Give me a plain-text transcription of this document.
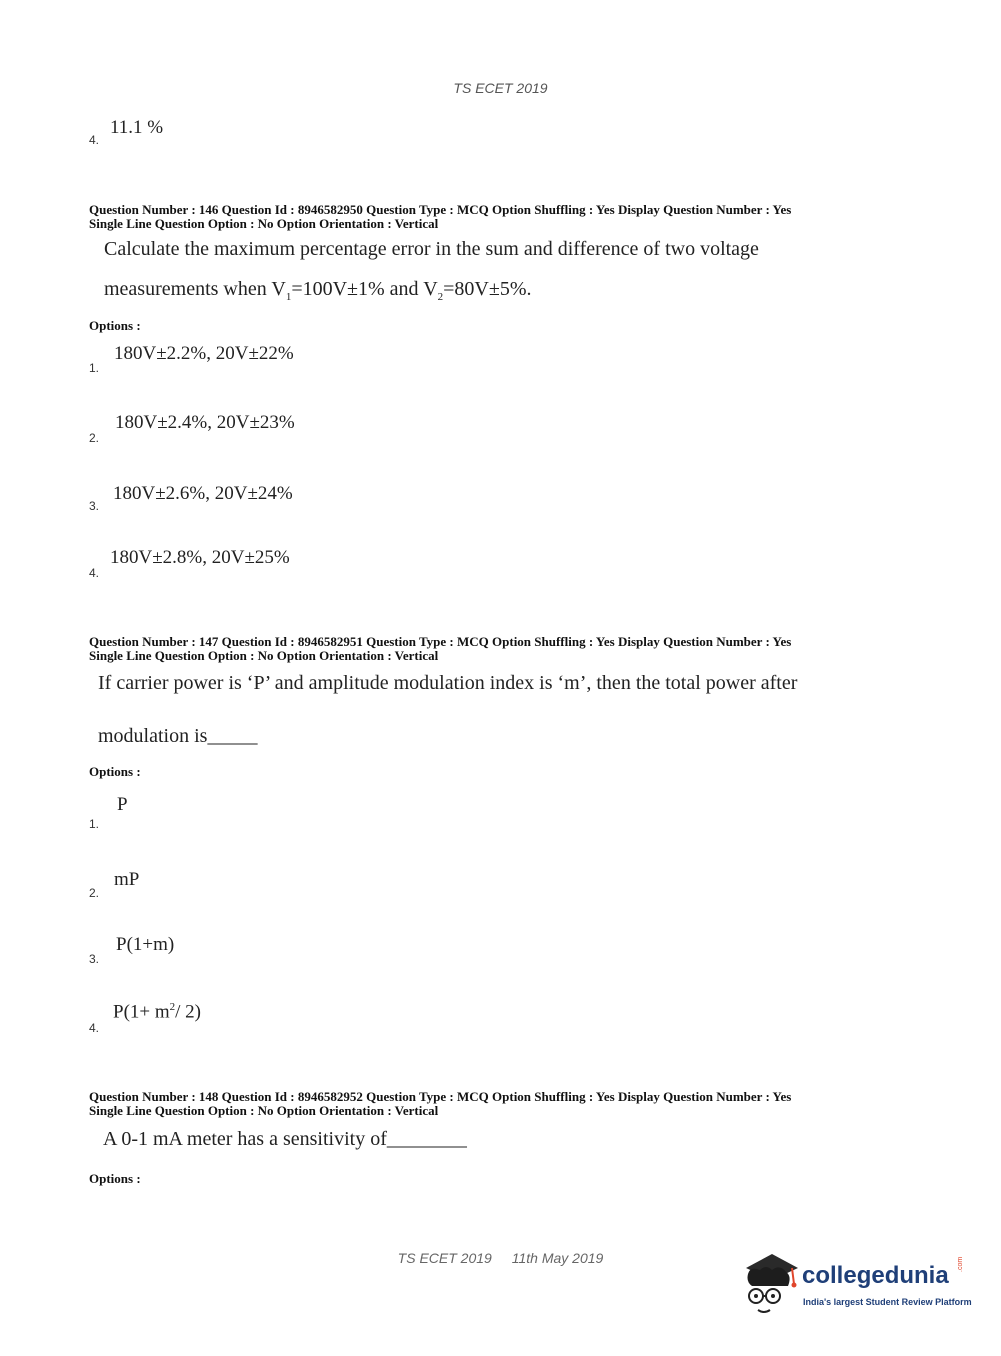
TS ECET 2019
4.
11.1 %
Question Number : 146 Question Id : 8946582950 Question Type : MCQ Option Shuffling : Yes Display Question Number : Yes
Single Line Question Option : No Option Orientation : Vertical
Calculate the maximum percentage error in the sum and difference of two voltage
measurements when $V_1=100V\pm 1\%$ and $V_2=80V\pm 5\%$.
Options :
1.
180V±2.2%, 20V±22%
2.
180V±2.4%, 20V±23%
3.
180V±2.6%, 20V±24%
4.
180V±2.8%, 20V±25%
Question Number : 147 Question Id : 8946582951 Question Type : MCQ Option Shuffling : Yes Display Question Number : Yes
Single Line Question Option : No Option Orientation : Vertical
If carrier power is ‘P’ and amplitude modulation index is ‘m’, then the total power after
modulation is_____
Options :
1.
P
2.
mP
3.
P(1+m)
4.
$P(1+ m^2/$ 2)
Question Number : 148 Question Id : 8946582952 Question Type : MCQ Option Shuffling : Yes Display Question Number : Yes
Single Line Question Option : No Option Orientation : Vertical
A 0-1 mA meter has a sensitivity of________
Options :
TS ECET 2019 11th May 2019
collegedunia .com
India's largest Student Review Platform
